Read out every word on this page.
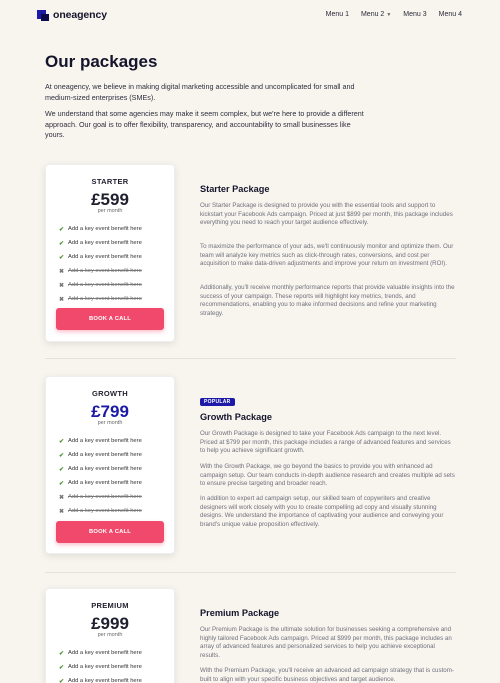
oneagency	Menu 1 Menu 2 ▼ Menu 3 Menu 4
Our packages

At oneagency, we believe in making digital marketing accessible and uncomplicated for small and medium-sized enterprises (SMEs).

We understand that some agencies may make it seem complex, but we're here to provide a different approach. Our goal is to offer flexibility, transparency, and accountability to small businesses like yours.

STARTER
£599
per month
✔ Add a key event benefit here
✔ Add a key event benefit here
✔ Add a key event benefit here
✖ Add a key event benefit here
✖ Add a key event benefit here
✖ Add a key event benefit here
BOOK A CALL
Starter Package

Our Starter Package is designed to provide you with the essential tools and support to kickstart your Facebook Ads campaign. Priced at just $899 per month, this package includes everything you need to reach your target audience effectively.

To maximize the performance of your ads, we'll continuously monitor and optimize them. Our team will analyze key metrics such as click-through rates, conversions, and cost per acquisition to make data-driven adjustments and improve your return on investment (ROI).

Additionally, you'll receive monthly performance reports that provide valuable insights into the success of your campaign. These reports will highlight key metrics, trends, and recommendations, enabling you to make informed decisions and refine your marketing strategy.

GROWTH
£799
per month
✔ Add a key event benefit here
✔ Add a key event benefit here
✔ Add a key event benefit here
✔ Add a key event benefit here
✖ Add a key event benefit here
✖ Add a key event benefit here
BOOK A CALL
POPULAR
Growth Package

Our Growth Package is designed to take your Facebook Ads campaign to the next level. Priced at $799 per month, this package includes a range of advanced features and services to help you achieve significant growth.

With the Growth Package, we go beyond the basics to provide you with enhanced ad campaign setup. Our team conducts in-depth audience research and creates multiple ad sets to ensure precise targeting and broader reach.

In addition to expert ad campaign setup, our skilled team of copywriters and creative designers will work closely with you to create compelling ad copy and visually stunning designs. We understand the importance of captivating your audience and conveying your brand's unique value proposition effectively.

PREMIUM
£999
per month
✔ Add a key event benefit here
✔ Add a key event benefit here
✔ Add a key event benefit here
Premium Package

Our Premium Package is the ultimate solution for businesses seeking a comprehensive and highly tailored Facebook Ads campaign. Priced at $999 per month, this package includes an array of advanced features and personalized services to help you achieve exceptional results.

With the Premium Package, you'll receive an advanced ad campaign strategy that is custom-built to align with your specific business objectives and target audience.
